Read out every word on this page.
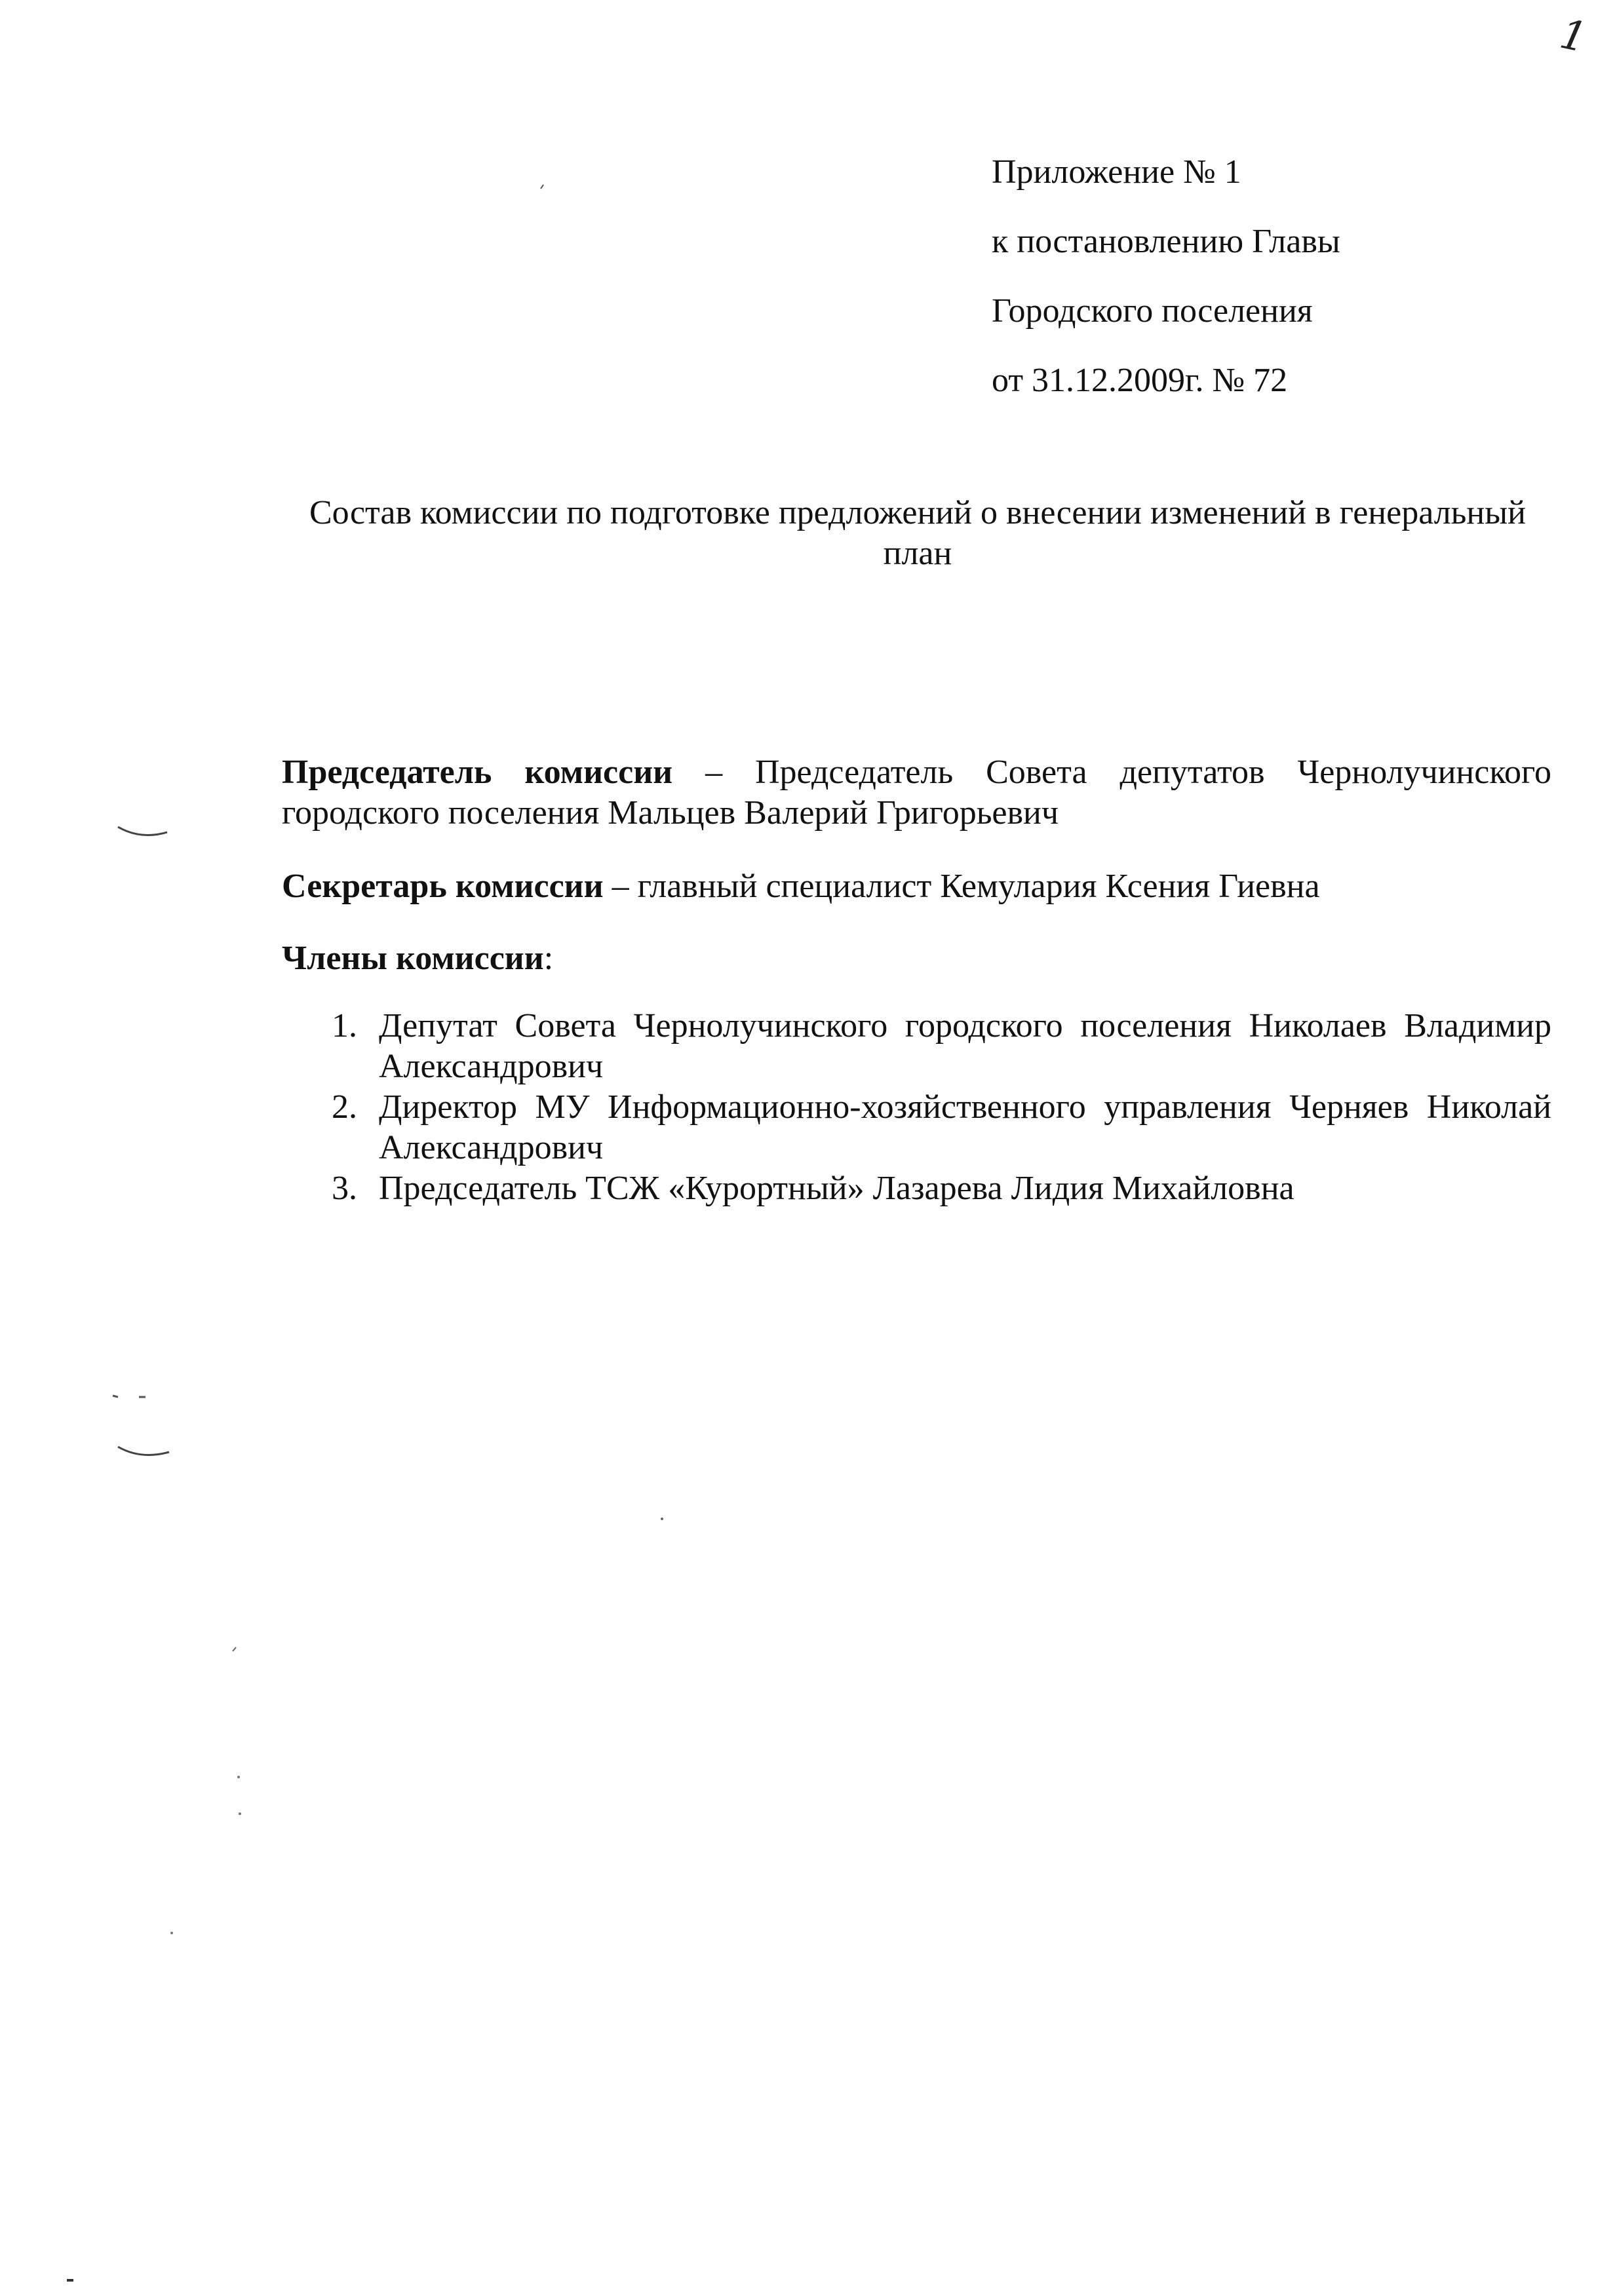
1
Приложение № 1
к постановлению Главы
Городского поселения
от 31.12.2009г. № 72
Состав комиссии по подготовке предложений о внесении изменений в генеральный план
Председатель комиссии – Председатель Совета депутатов Чернолучинского городского поселения Мальцев Валерий Григорьевич
Секретарь комиссии – главный специалист Кемулария Ксения Гиевна
Члены комиссии:
1. Депутат Совета Чернолучинского городского поселения Николаев Владимир Александрович
2. Директор МУ Информационно-хозяйственного управления Черняев Николай Александрович
3. Председатель ТСЖ «Курортный» Лазарева Лидия Михайловна
